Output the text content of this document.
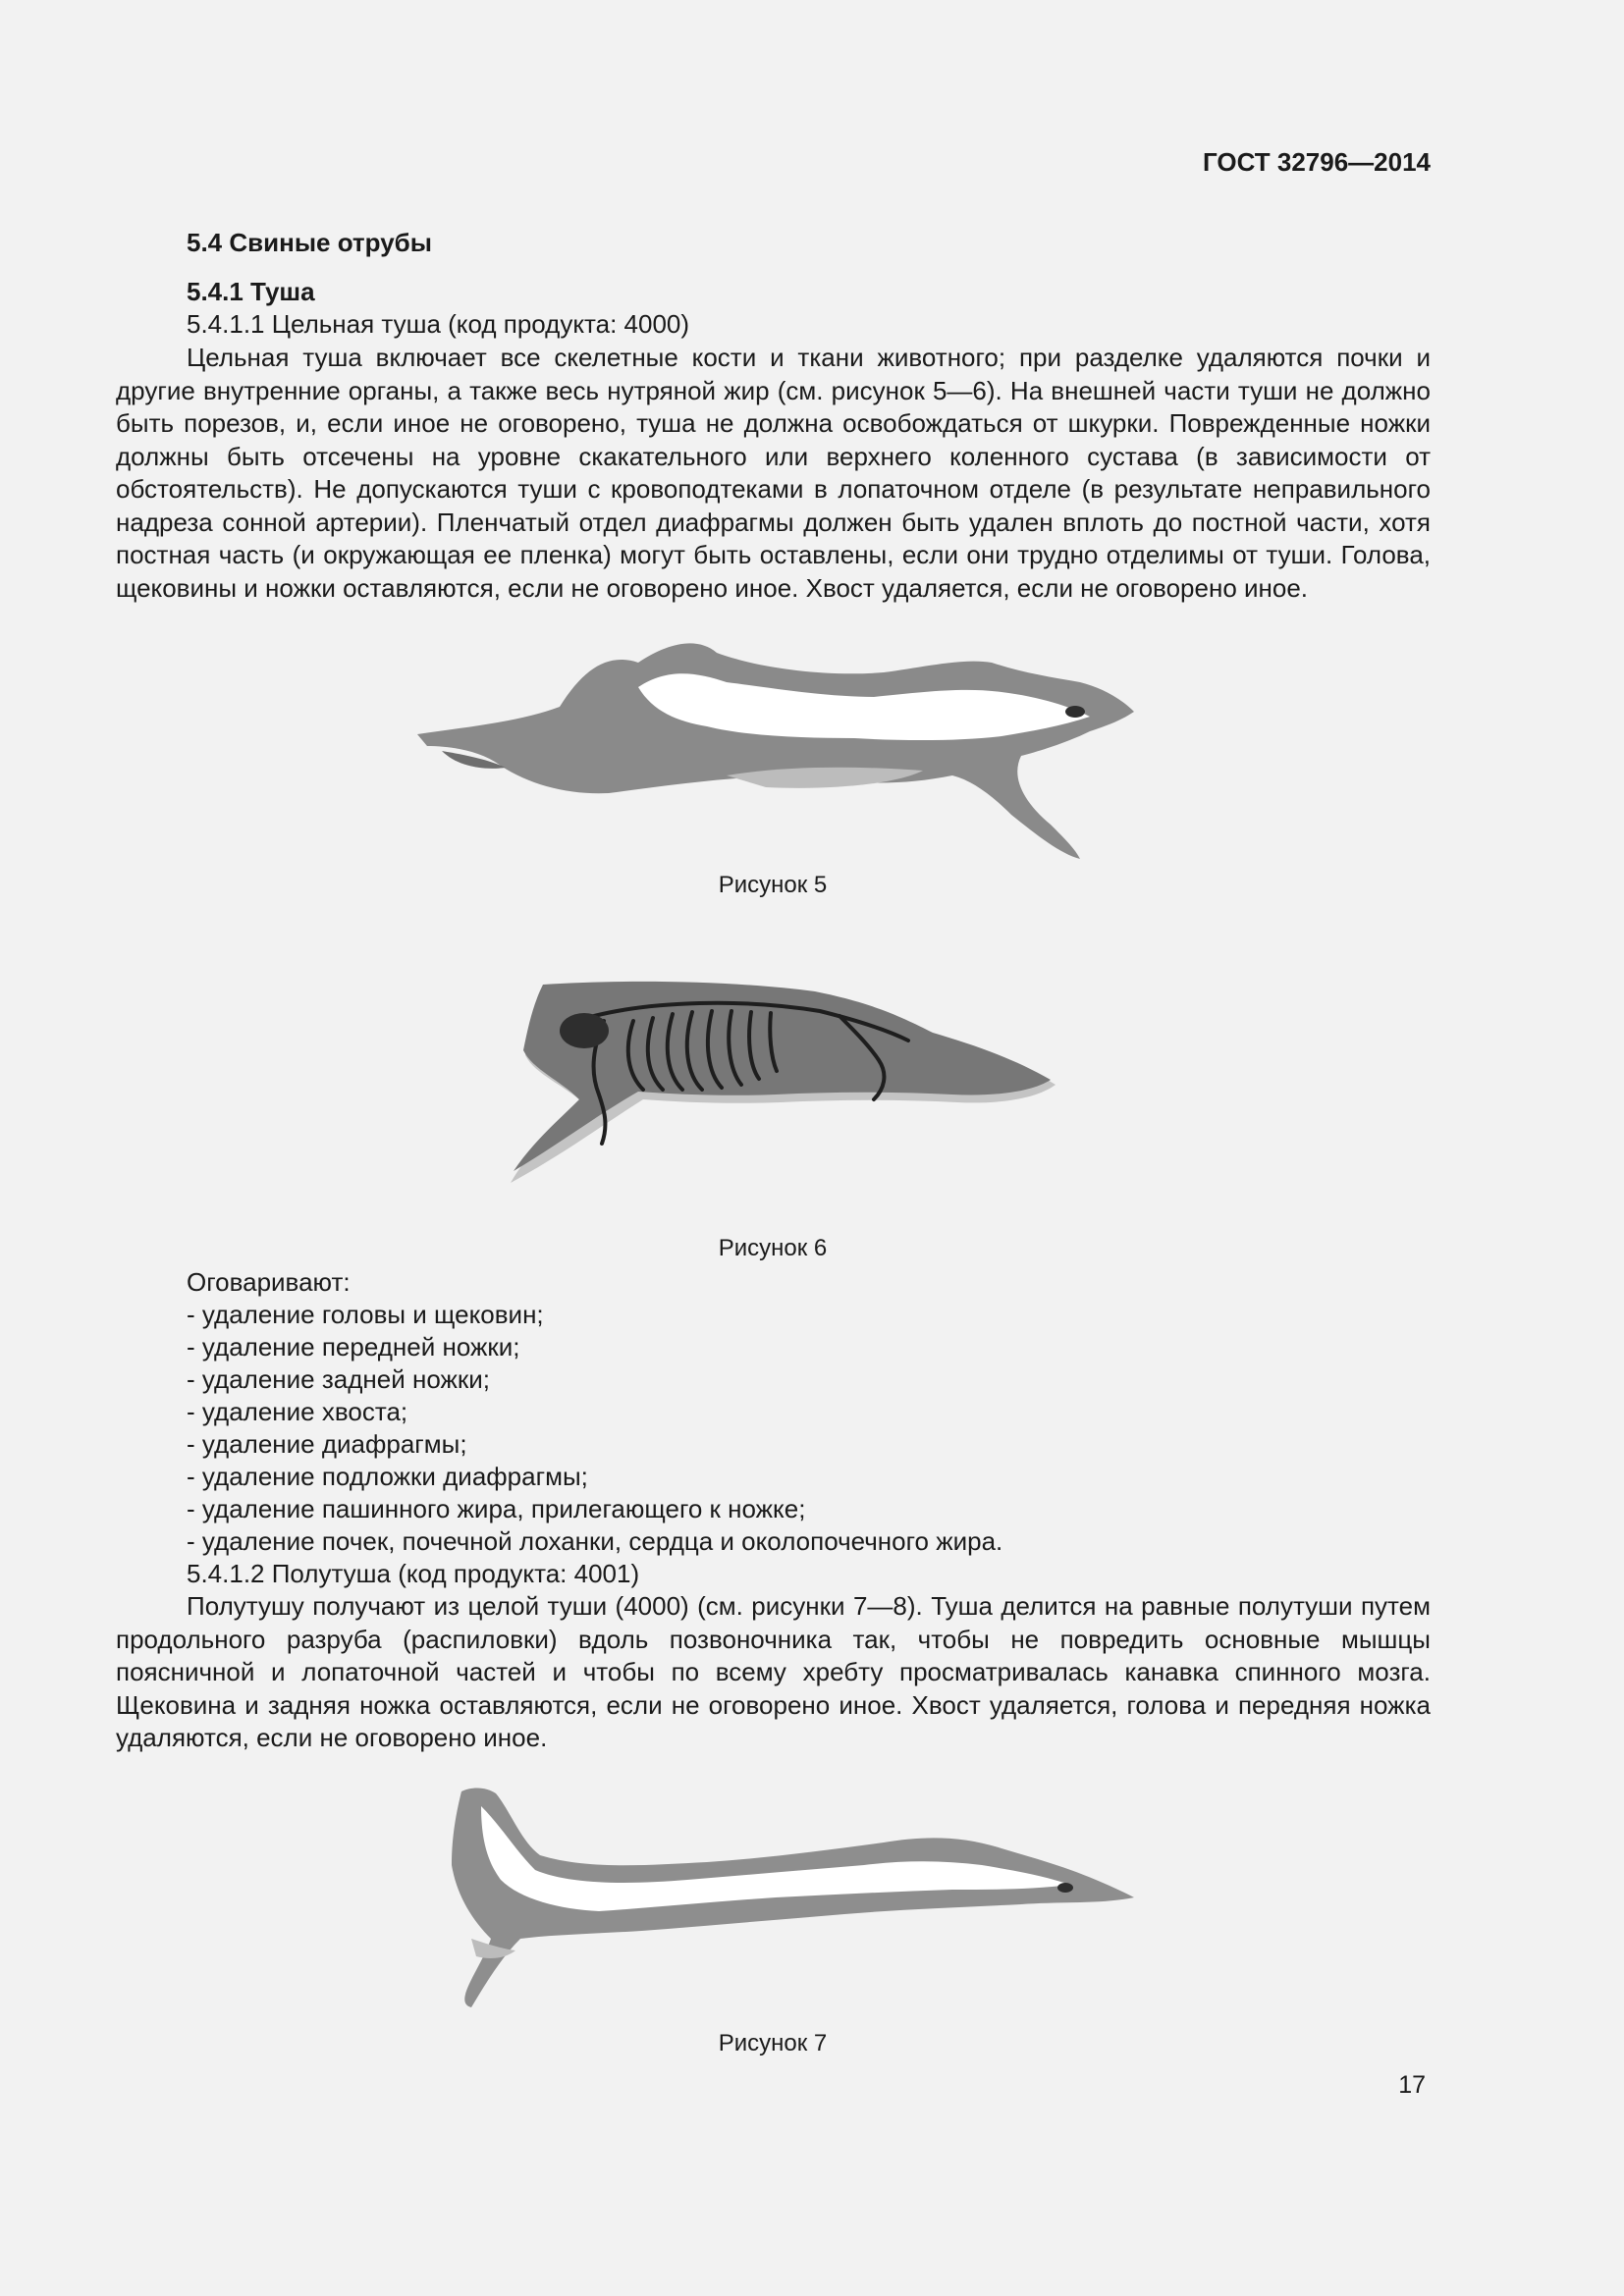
ГОСТ 32796—2014
5.4 Свиные отрубы
5.4.1 Туша
5.4.1.1 Цельная туша (код продукта: 4000)

Цельная туша включает все скелетные кости и ткани животного; при разделке удаляются почки и другие внутренние органы, а также весь нутряной жир (см. рисунок 5—6). На внешней части туши не должно быть порезов, и, если иное не оговорено, туша не должна освобождаться от шкурки. Поврежденные ножки должны быть отсечены на уровне скакательного или верхнего коленного сустава (в зависимости от обстоятельств). Не допускаются туши с кровоподтеками в лопаточном отделе (в результате неправильного надреза сонной артерии). Пленчатый отдел диафрагмы должен быть удален вплоть до постной части, хотя постная часть (и окружающая ее пленка) могут быть оставлены, если они трудно отделимы от туши. Голова, щековины и ножки оставляются, если не оговорено иное. Хвост удаляется, если не оговорено иное.

Рисунок 5
Рисунок 6
Оговаривают:
- удаление головы и щековин;
- удаление передней ножки;
- удаление задней ножки;
- удаление хвоста;
- удаление диафрагмы;
- удаление подложки диафрагмы;
- удаление пашинного жира, прилегающего к ножке;
- удаление почек, почечной лоханки, сердца и околопочечного жира.
5.4.1.2 Полутуша (код продукта: 4001)

Полутушу получают из целой туши (4000) (см. рисунки 7—8). Туша делится на равные полутуши путем продольного разруба (распиловки) вдоль позвоночника так, чтобы не повредить основные мышцы поясничной и лопаточной частей и чтобы по всему хребту просматривалась канавка спинного мозга. Щековина и задняя ножка оставляются, если не оговорено иное. Хвост удаляется, голова и передняя ножка удаляются, если не оговорено иное.

Рисунок 7
17
